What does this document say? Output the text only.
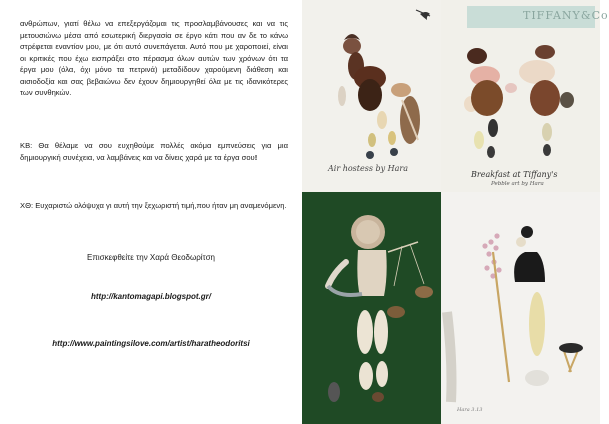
ανθρώπων, γιατί θέλω να επεξεργάζομαι τις προσλαμβάνουσες και να τις μετουσιώνω μέσα από εσωτερική διεργασία σε έργο κάτι που αν δε το κάνω στρέφεται εναντίον μου, με ότι αυτό συνεπάγεται. Αυτό που με χαροποιεί, είναι οι κριτικές που έχω εισπράξει στο πέρασμα όλων αυτών των χρόνων ότι τα έργα μου (όλα, όχι μόνο τα πετρινά) μεταδίδουν χαρούμενη διάθεση και αισιοδοξία και σας βεβαιώνω δεν έχουν δημιουργηθεί όλα με τις ιδανικότερες των συνθηκών.

ΚΒ: Θα θέλαμε να σου ευχηθούμε πολλές ακόμα εμπνεύσεις για μια δημιουργική συνέχεια, να λαμβάνεις και να δίνεις χαρά με τα έργα σου!

ΧΘ: Ευχαριστώ ολόψυχα γι αυτή την ξεχωριστή τιμή,που ήταν μη αναμενόμενη.

Επισκεφθείτε την Χαρά Θεοδωρίτση
http://kantomagapi.blogspot.gr/
http://www.paintingsilove.com/artist/haratheodoritsi
Air hostess by Hara
TIFFANY&Co
Breakfast at Tiffany's
Pebble art by Hara
Hara 3.13
